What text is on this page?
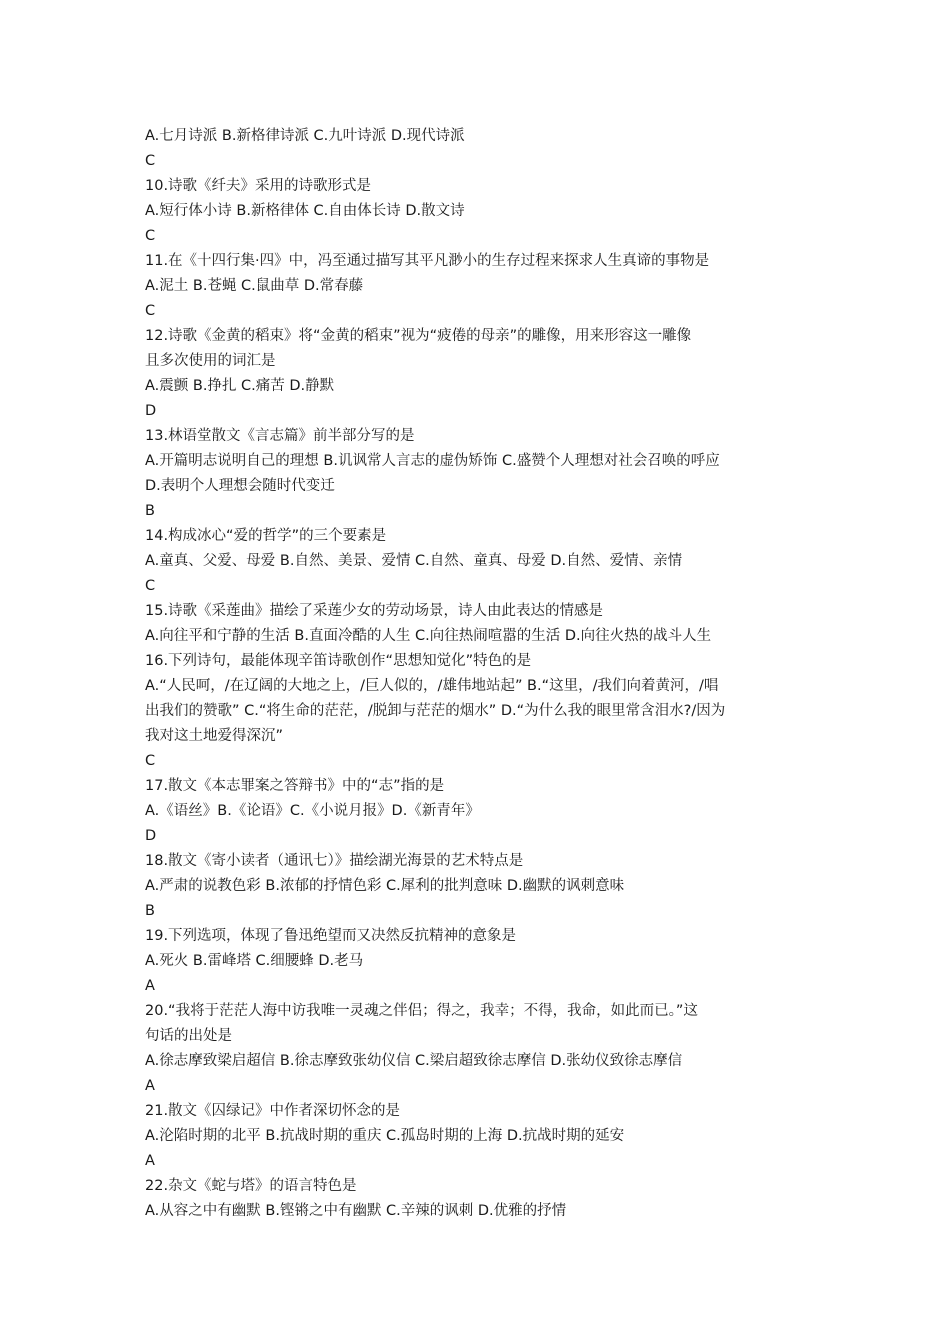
A.七月诗派 B.新格律诗派 C.九叶诗派 D.现代诗派
C
10.诗歌《纤夫》采用的诗歌形式是
A.短行体小诗 B.新格律体 C.自由体长诗 D.散文诗
C
11.在《十四行集·四》中，冯至通过描写其平凡渺小的生存过程来探求人生真谛的事物是
A.泥土 B.苍蝇 C.鼠曲草 D.常春藤
C
12.诗歌《金黄的稻束》将“金黄的稻束”视为“疲倦的母亲”的雕像，用来形容这一雕像
且多次使用的词汇是
A.震颤 B.挣扎 C.痛苦 D.静默
D
13.林语堂散文《言志篇》前半部分写的是
A.开篇明志说明自己的理想 B.讥讽常人言志的虚伪矫饰 C.盛赞个人理想对社会召唤的呼应
D.表明个人理想会随时代变迁
B
14.构成冰心“爱的哲学”的三个要素是
A.童真、父爱、母爱 B.自然、美景、爱情 C.自然、童真、母爱 D.自然、爱情、亲情
C
15.诗歌《采莲曲》描绘了采莲少女的劳动场景，诗人由此表达的情感是
A.向往平和宁静的生活 B.直面冷酷的人生 C.向往热闹喧嚣的生活 D.向往火热的战斗人生
16.下列诗句，最能体现辛笛诗歌创作“思想知觉化”特色的是
A.“人民呵，/在辽阔的大地之上，/巨人似的，/雄伟地站起” B.“这里，/我们向着黄河，/唱
出我们的赞歌” C.“将生命的茫茫，/脱卸与茫茫的烟水” D.“为什么我的眼里常含泪水?/因为
我对这土地爱得深沉”
C
17.散文《本志罪案之答辩书》中的“志”指的是
A.《语丝》B.《论语》C.《小说月报》D.《新青年》
D
18.散文《寄小读者（通讯七）》描绘湖光海景的艺术特点是
A.严肃的说教色彩 B.浓郁的抒情色彩 C.犀利的批判意味 D.幽默的讽刺意味
B
19.下列选项，体现了鲁迅绝望而又决然反抗精神的意象是
A.死火 B.雷峰塔 C.细腰蜂 D.老马
A
20.“我将于茫茫人海中访我唯一灵魂之伴侣；得之，我幸；不得，我命，如此而已。”这
句话的出处是
A.徐志摩致梁启超信 B.徐志摩致张幼仪信 C.梁启超致徐志摩信 D.张幼仪致徐志摩信
A
21.散文《囚绿记》中作者深切怀念的是
A.沦陷时期的北平 B.抗战时期的重庆 C.孤岛时期的上海 D.抗战时期的延安
A
22.杂文《蛇与塔》的语言特色是
A.从容之中有幽默 B.铿锵之中有幽默 C.辛辣的讽刺 D.优雅的抒情
